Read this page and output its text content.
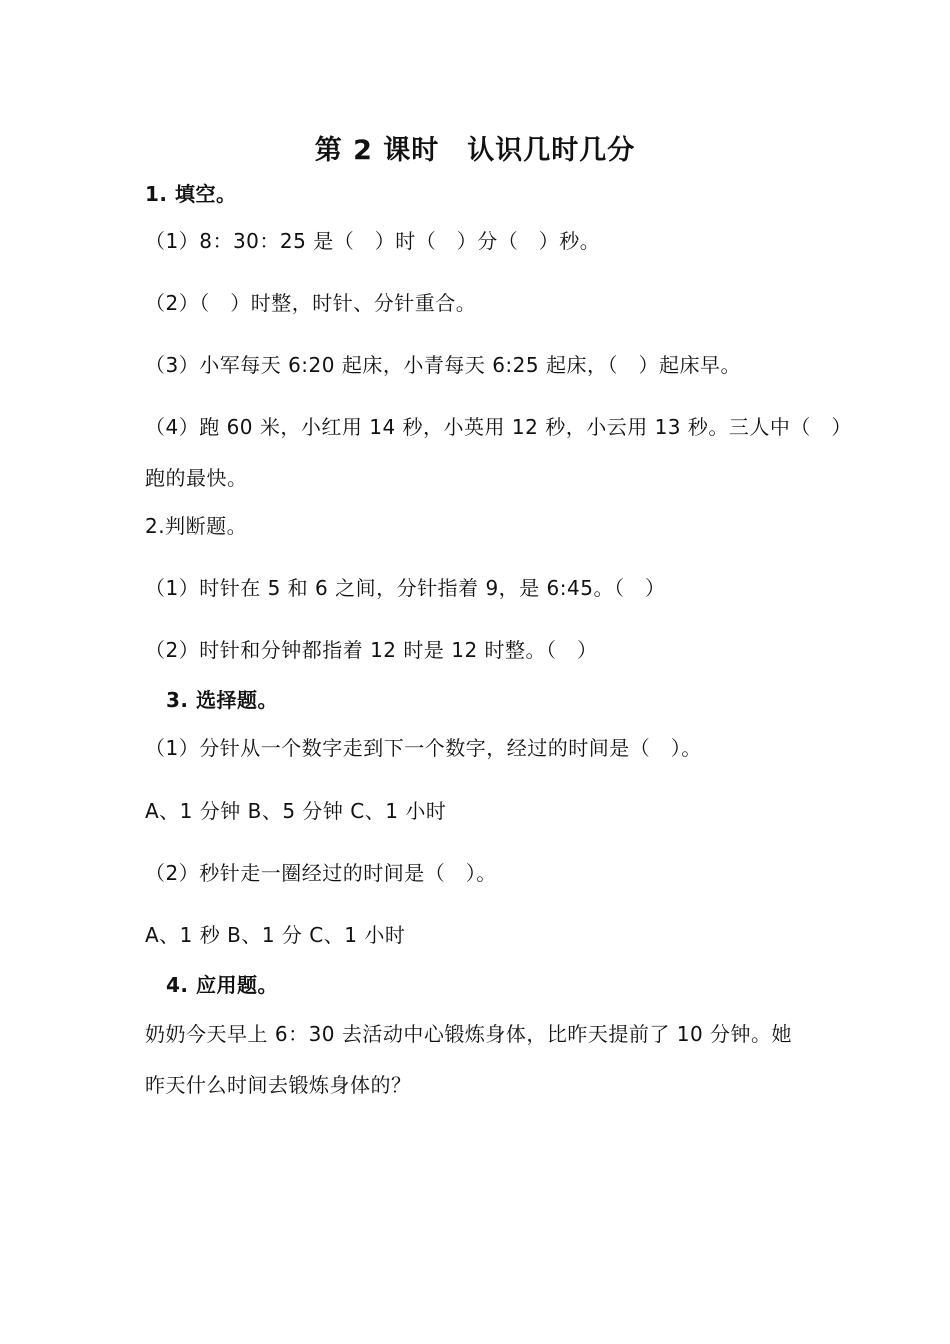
第 2 课时　认识几时几分
1. 填空。
（1）8：30：25 是（　）时（　）分（　）秒。
（2）（　）时整，时针、分针重合。
（3）小军每天 6:20 起床，小青每天 6:25 起床，（　）起床早。
（4）跑 60 米，小红用 14 秒，小英用 12 秒，小云用 13 秒。三人中（　）
跑的最快。
2.判断题。
（1）时针在 5 和 6 之间，分针指着 9，是 6:45。（　）
（2）时针和分钟都指着 12 时是 12 时整。（　）
3. 选择题。
（1）分针从一个数字走到下一个数字，经过的时间是（　）。
A、1 分钟 B、5 分钟 C、1 小时
（2）秒针走一圈经过的时间是（　）。
A、1 秒 B、1 分 C、1 小时
4. 应用题。
奶奶今天早上 6：30 去活动中心锻炼身体，比昨天提前了 10 分钟。她
昨天什么时间去锻炼身体的？
